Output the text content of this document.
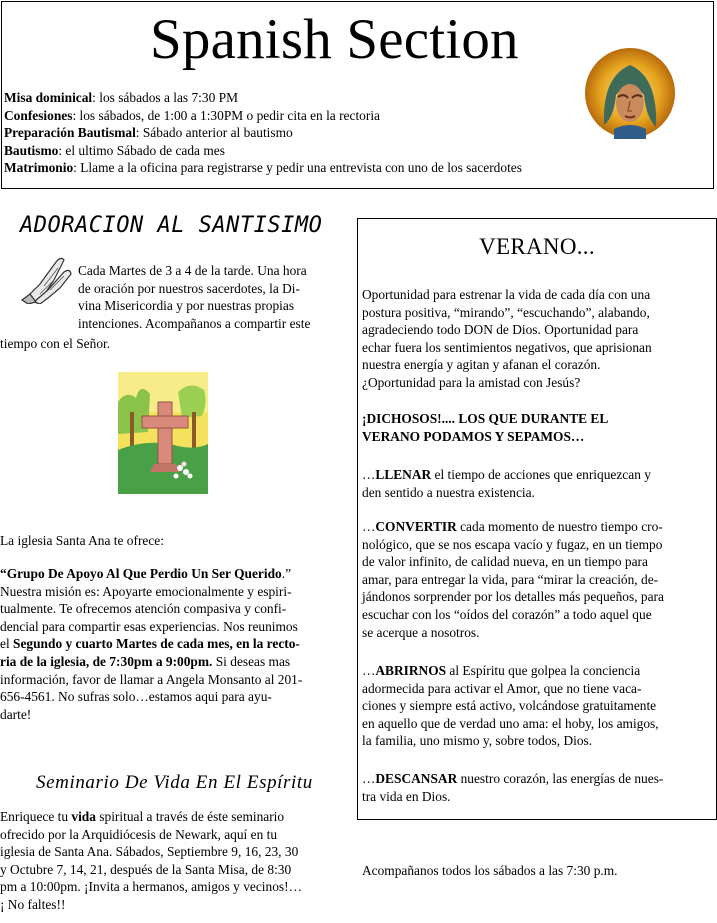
Spanish Section
Misa dominical: los sábados a las 7:30 PM
Confesiones: los sábados, de 1:00 a 1:30PM o pedir cita en la rectoria
Preparación Bautismal: Sábado anterior al bautismo
Bautismo: el ultimo Sábado de cada mes
Matrimonio: Llame a la oficina para registrarse y pedir una entrevista con uno de los sacerdotes
ADORACION AL SANTISIMO
Cada Martes de 3 a 4 de la tarde. Una hora
de oración por nuestros sacerdotes, la Di-
vina Misericordia y por nuestras propias
intenciones. Acompañanos a compartir este
tiempo con el Señor.
La iglesia Santa Ana te ofrece:
“Grupo De Apoyo Al Que Perdio Un Ser Querido.”
Nuestra misión es: Apoyarte emocionalmente y espiri-
tualmente. Te ofrecemos atención compasiva y confi-
dencial para compartir esas experiencias. Nos reunimos
el Segundo y cuarto Martes de cada mes, en la recto-
ria de la iglesia, de 7:30pm a 9:00pm. Si deseas mas
información, favor de llamar a Angela Monsanto al 201-
656-4561. No sufras solo…estamos aqui para ayu-
darte!
Seminario De Vida En El Espíritu
Enriquece tu vida spiritual a través de éste seminario
ofrecido por la Arquidiócesis de Newark, aquí en tu
iglesia de Santa Ana. Sábados, Septiembre 9, 16, 23, 30
y Octubre 7, 14, 21, después de la Santa Misa, de 8:30
pm a 10:00pm. ¡Invita a hermanos, amigos y vecinos!…
¡ No faltes!!
VERANO...
Oportunidad para estrenar la vida de cada día con una
postura positiva, “mirando”, “escuchando”, alabando,
agradeciendo todo DON de Dios. Oportunidad para
echar fuera los sentimientos negativos, que aprisionan
nuestra energía y agitan y afanan el corazón.
¿Oportunidad para la amistad con Jesús?
¡DICHOSOS!.... LOS QUE DURANTE EL
VERANO PODAMOS Y SEPAMOS…
…LLENAR el tiempo de acciones que enriquezcan y
den sentido a nuestra existencia.
…CONVERTIR cada momento de nuestro tiempo cro-
nológico, que se nos escapa vacío y fugaz, en un tiempo
de valor infinito, de calidad nueva, en un tiempo para
amar, para entregar la vida, para “mirar la creación, de-
jándonos sorprender por los detalles más pequeños, para
escuchar con los “oídos del corazón” a todo aquel que
se acerque a nosotros.
…ABRIRNOS al Espíritu que golpea la conciencia
adormecida para activar el Amor, que no tiene vaca-
ciones y siempre está activo, volcándose gratuitamente
en aquello que de verdad uno ama: el hoby, los amigos,
la familia, uno mismo y, sobre todos, Dios.
…DESCANSAR nuestro corazón, las energías de nues-
tra vida en Dios.
Acompañanos todos los sábados a las 7:30 p.m.
